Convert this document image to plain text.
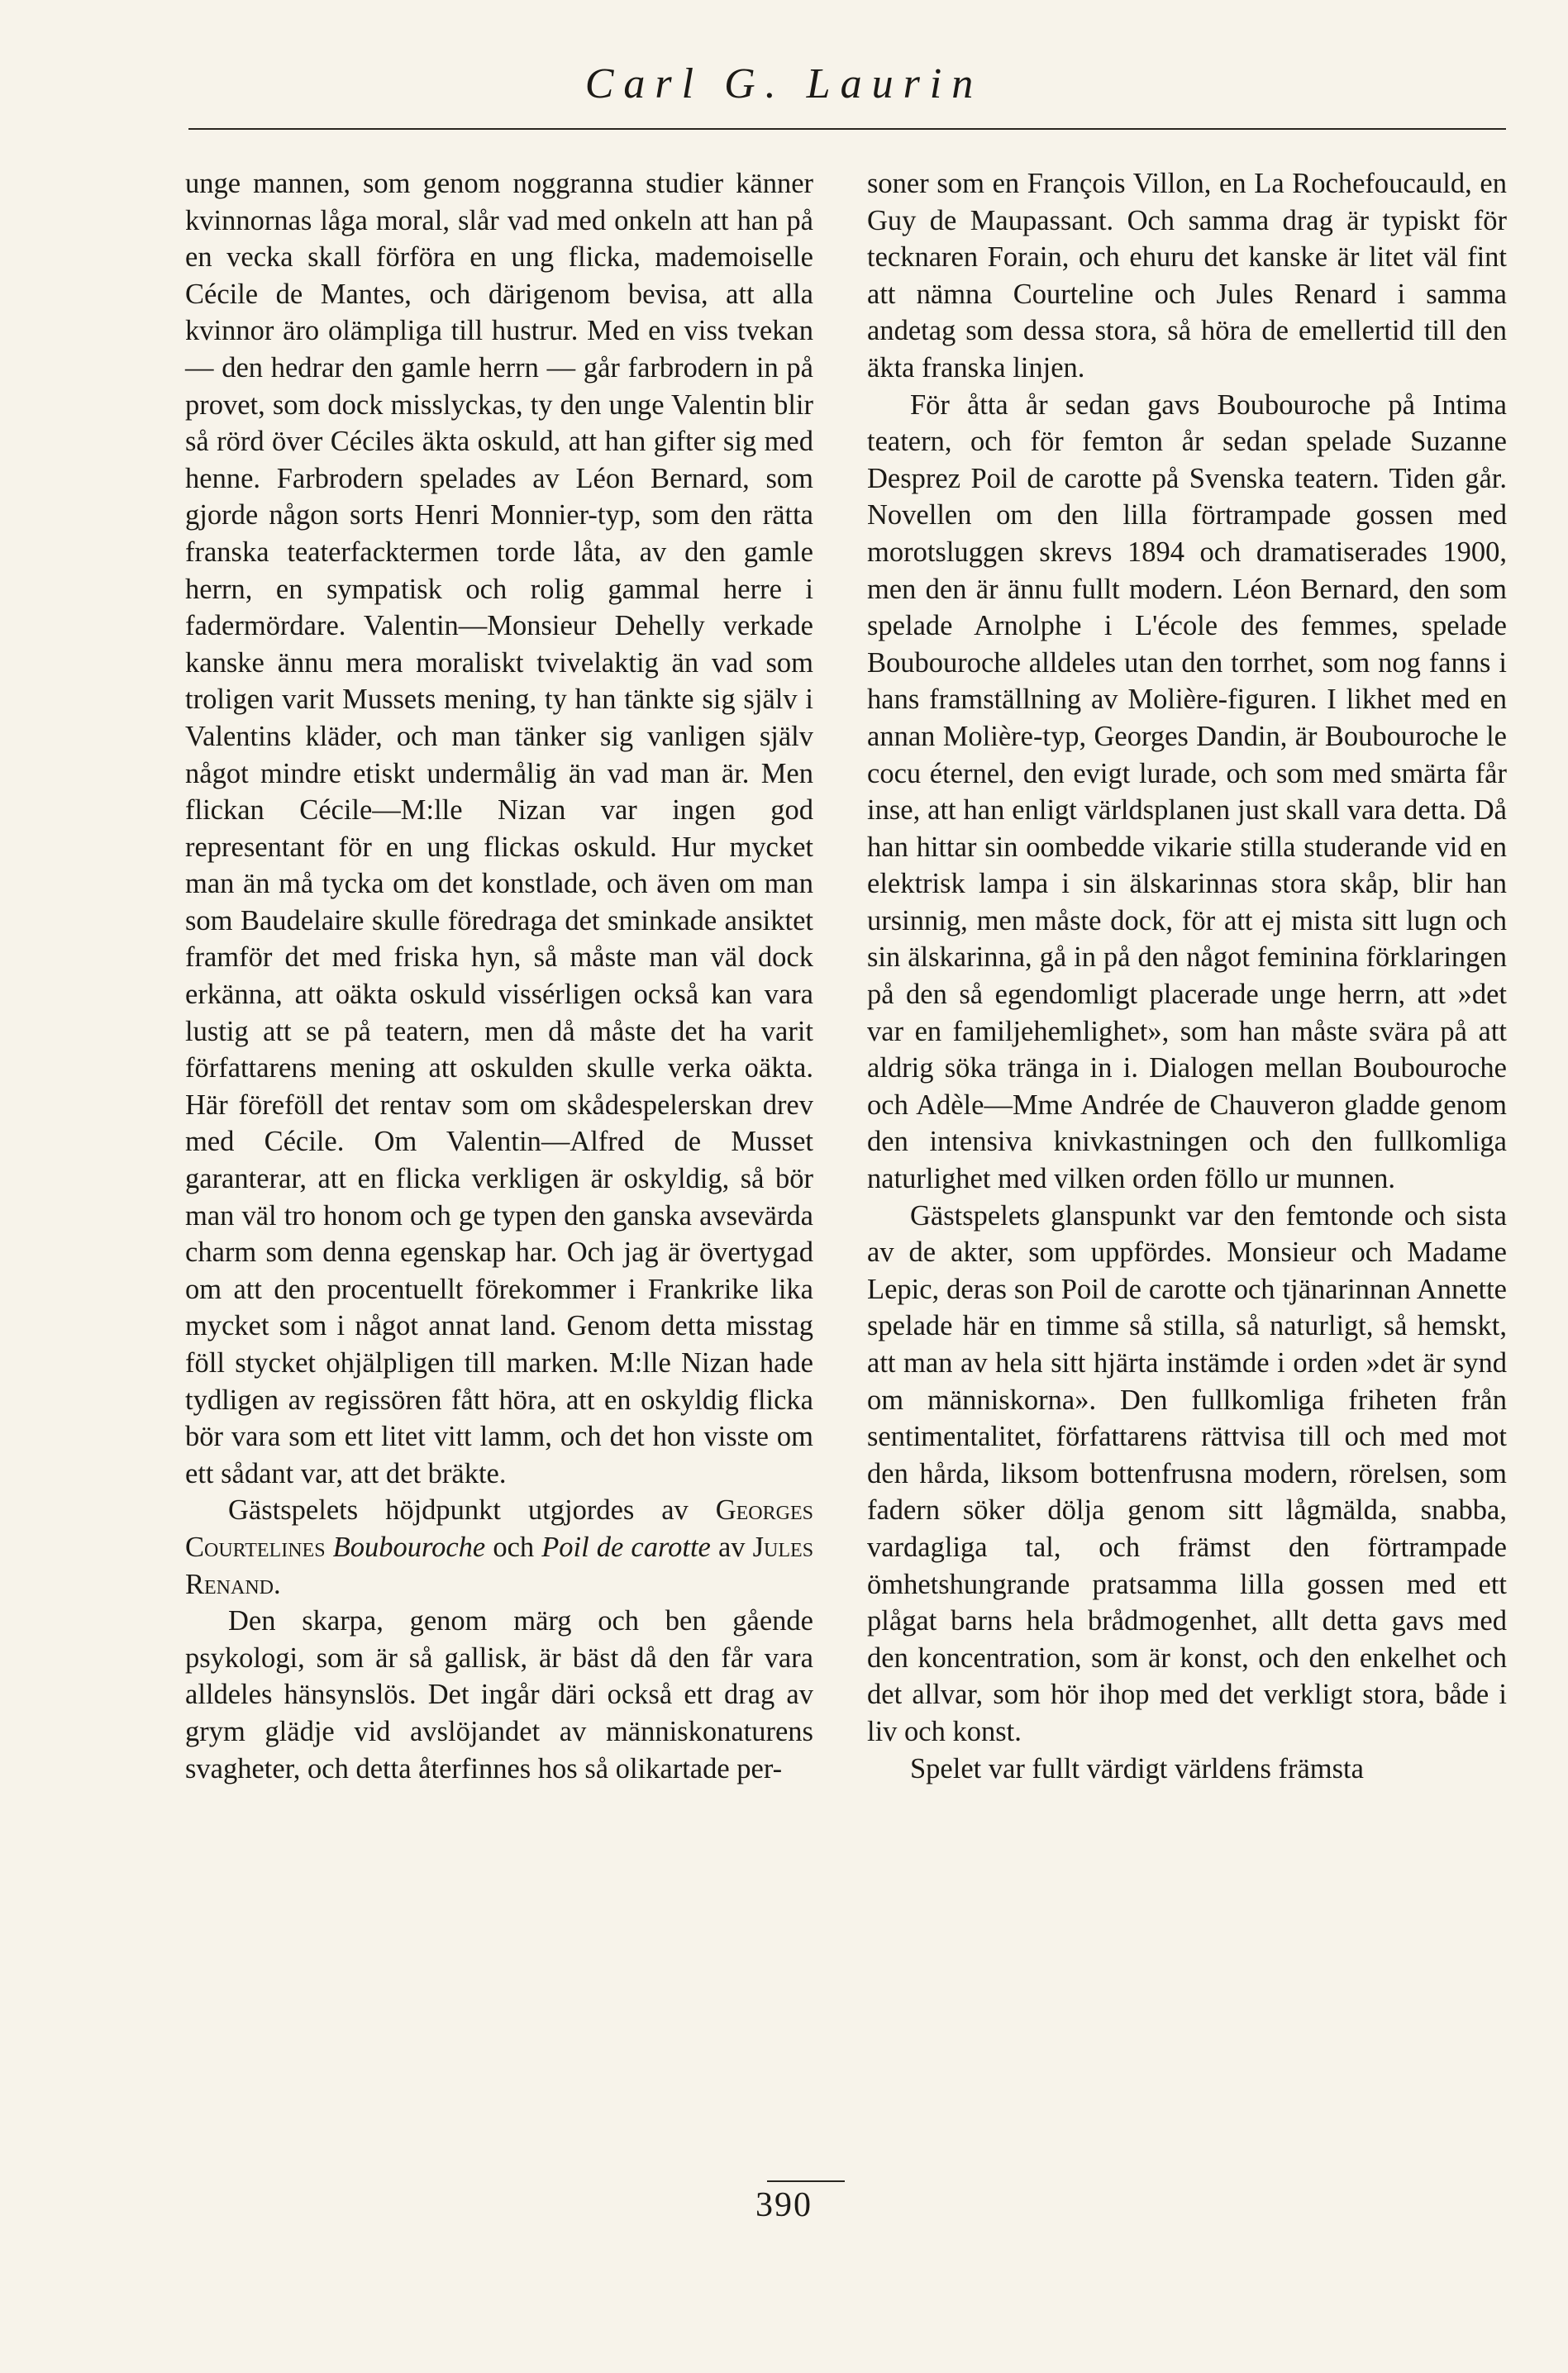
Carl G. Laurin

unge mannen, som genom noggranna studier känner kvinnornas låga moral, slår vad med onkeln att han på en vecka skall förföra en ung flicka, mademoiselle Cécile de Mantes, och därigenom bevisa, att alla kvinnor äro olämpliga till hustrur. Med en viss tvekan — den hedrar den gamle herrn — går farbrodern in på provet, som dock misslyckas, ty den unge Valentin blir så rörd över Céciles äkta oskuld, att han gifter sig med henne. Farbrodern spelades av Léon Bernard, som gjorde någon sorts Henri Monnier-typ, som den rätta franska teaterfacktermen torde låta, av den gamle herrn, en sympatisk och rolig gammal herre i fadermördare. Valentin—Monsieur Dehelly verkade kanske ännu mera moraliskt tvivelaktig än vad som troligen varit Mussets mening, ty han tänkte sig själv i Valentins kläder, och man tänker sig vanligen själv något mindre etiskt undermålig än vad man är. Men flickan Cécile—M:lle Nizan var ingen god representant för en ung flickas oskuld. Hur mycket man än må tycka om det konstlade, och även om man som Baudelaire skulle föredraga det sminkade ansiktet framför det med friska hyn, så måste man väl dock erkänna, att oäkta oskuld vissérligen också kan vara lustig att se på teatern, men då måste det ha varit författarens mening att oskulden skulle verka oäkta. Här föreföll det rentav som om skådespelerskan drev med Cécile. Om Valentin—Alfred de Musset garanterar, att en flicka verkligen är oskyldig, så bör man väl tro honom och ge typen den ganska avsevärda charm som denna egenskap har. Och jag är övertygad om att den procentuellt förekommer i Frankrike lika mycket som i något annat land. Genom detta misstag föll stycket ohjälpligen till marken. M:lle Nizan hade tydligen av regissören fått höra, att en oskyldig flicka bör vara som ett litet vitt lamm, och det hon visste om ett sådant var, att det bräkte.

Gästspelets höjdpunkt utgjordes av Georges Courtelines Boubouroche och Poil de carotte av Jules Renand.

Den skarpa, genom märg och ben gående psykologi, som är så gallisk, är bäst då den får vara alldeles hänsynslös. Det ingår däri också ett drag av grym glädje vid avslöjandet av människonaturens svagheter, och detta återfinnes hos så olikartade per-

soner som en François Villon, en La Rochefoucauld, en Guy de Maupassant. Och samma drag är typiskt för tecknaren Forain, och ehuru det kanske är litet väl fint att nämna Courteline och Jules Renard i samma andetag som dessa stora, så höra de emellertid till den äkta franska linjen.

För åtta år sedan gavs Boubouroche på Intima teatern, och för femton år sedan spelade Suzanne Desprez Poil de carotte på Svenska teatern. Tiden går. Novellen om den lilla förtrampade gossen med morotsluggen skrevs 1894 och dramatiserades 1900, men den är ännu fullt modern. Léon Bernard, den som spelade Arnolphe i L'école des femmes, spelade Boubouroche alldeles utan den torrhet, som nog fanns i hans framställning av Molière-figuren. I likhet med en annan Molière-typ, Georges Dandin, är Boubouroche le cocu éternel, den evigt lurade, och som med smärta får inse, att han enligt världsplanen just skall vara detta. Då han hittar sin oombedde vikarie stilla studerande vid en elektrisk lampa i sin älskarinnas stora skåp, blir han ursinnig, men måste dock, för att ej mista sitt lugn och sin älskarinna, gå in på den något feminina förklaringen på den så egendomligt placerade unge herrn, att »det var en familjehemlighet», som han måste svära på att aldrig söka tränga in i. Dialogen mellan Boubouroche och Adèle—Mme Andrée de Chauveron gladde genom den intensiva knivkastningen och den fullkomliga naturlighet med vilken orden föllo ur munnen.

Gästspelets glanspunkt var den femtonde och sista av de akter, som uppfördes. Monsieur och Madame Lepic, deras son Poil de carotte och tjänarinnan Annette spelade här en timme så stilla, så naturligt, så hemskt, att man av hela sitt hjärta instämde i orden »det är synd om människorna». Den fullkomliga friheten från sentimentalitet, författarens rättvisa till och med mot den hårda, liksom bottenfrusna modern, rörelsen, som fadern söker dölja genom sitt lågmälda, snabba, vardagliga tal, och främst den förtrampade ömhetshungrande pratsamma lilla gossen med ett plågat barns hela brådmogenhet, allt detta gavs med den koncentration, som är konst, och den enkelhet och det allvar, som hör ihop med det verkligt stora, både i liv och konst.

Spelet var fullt värdigt världens främsta

390
